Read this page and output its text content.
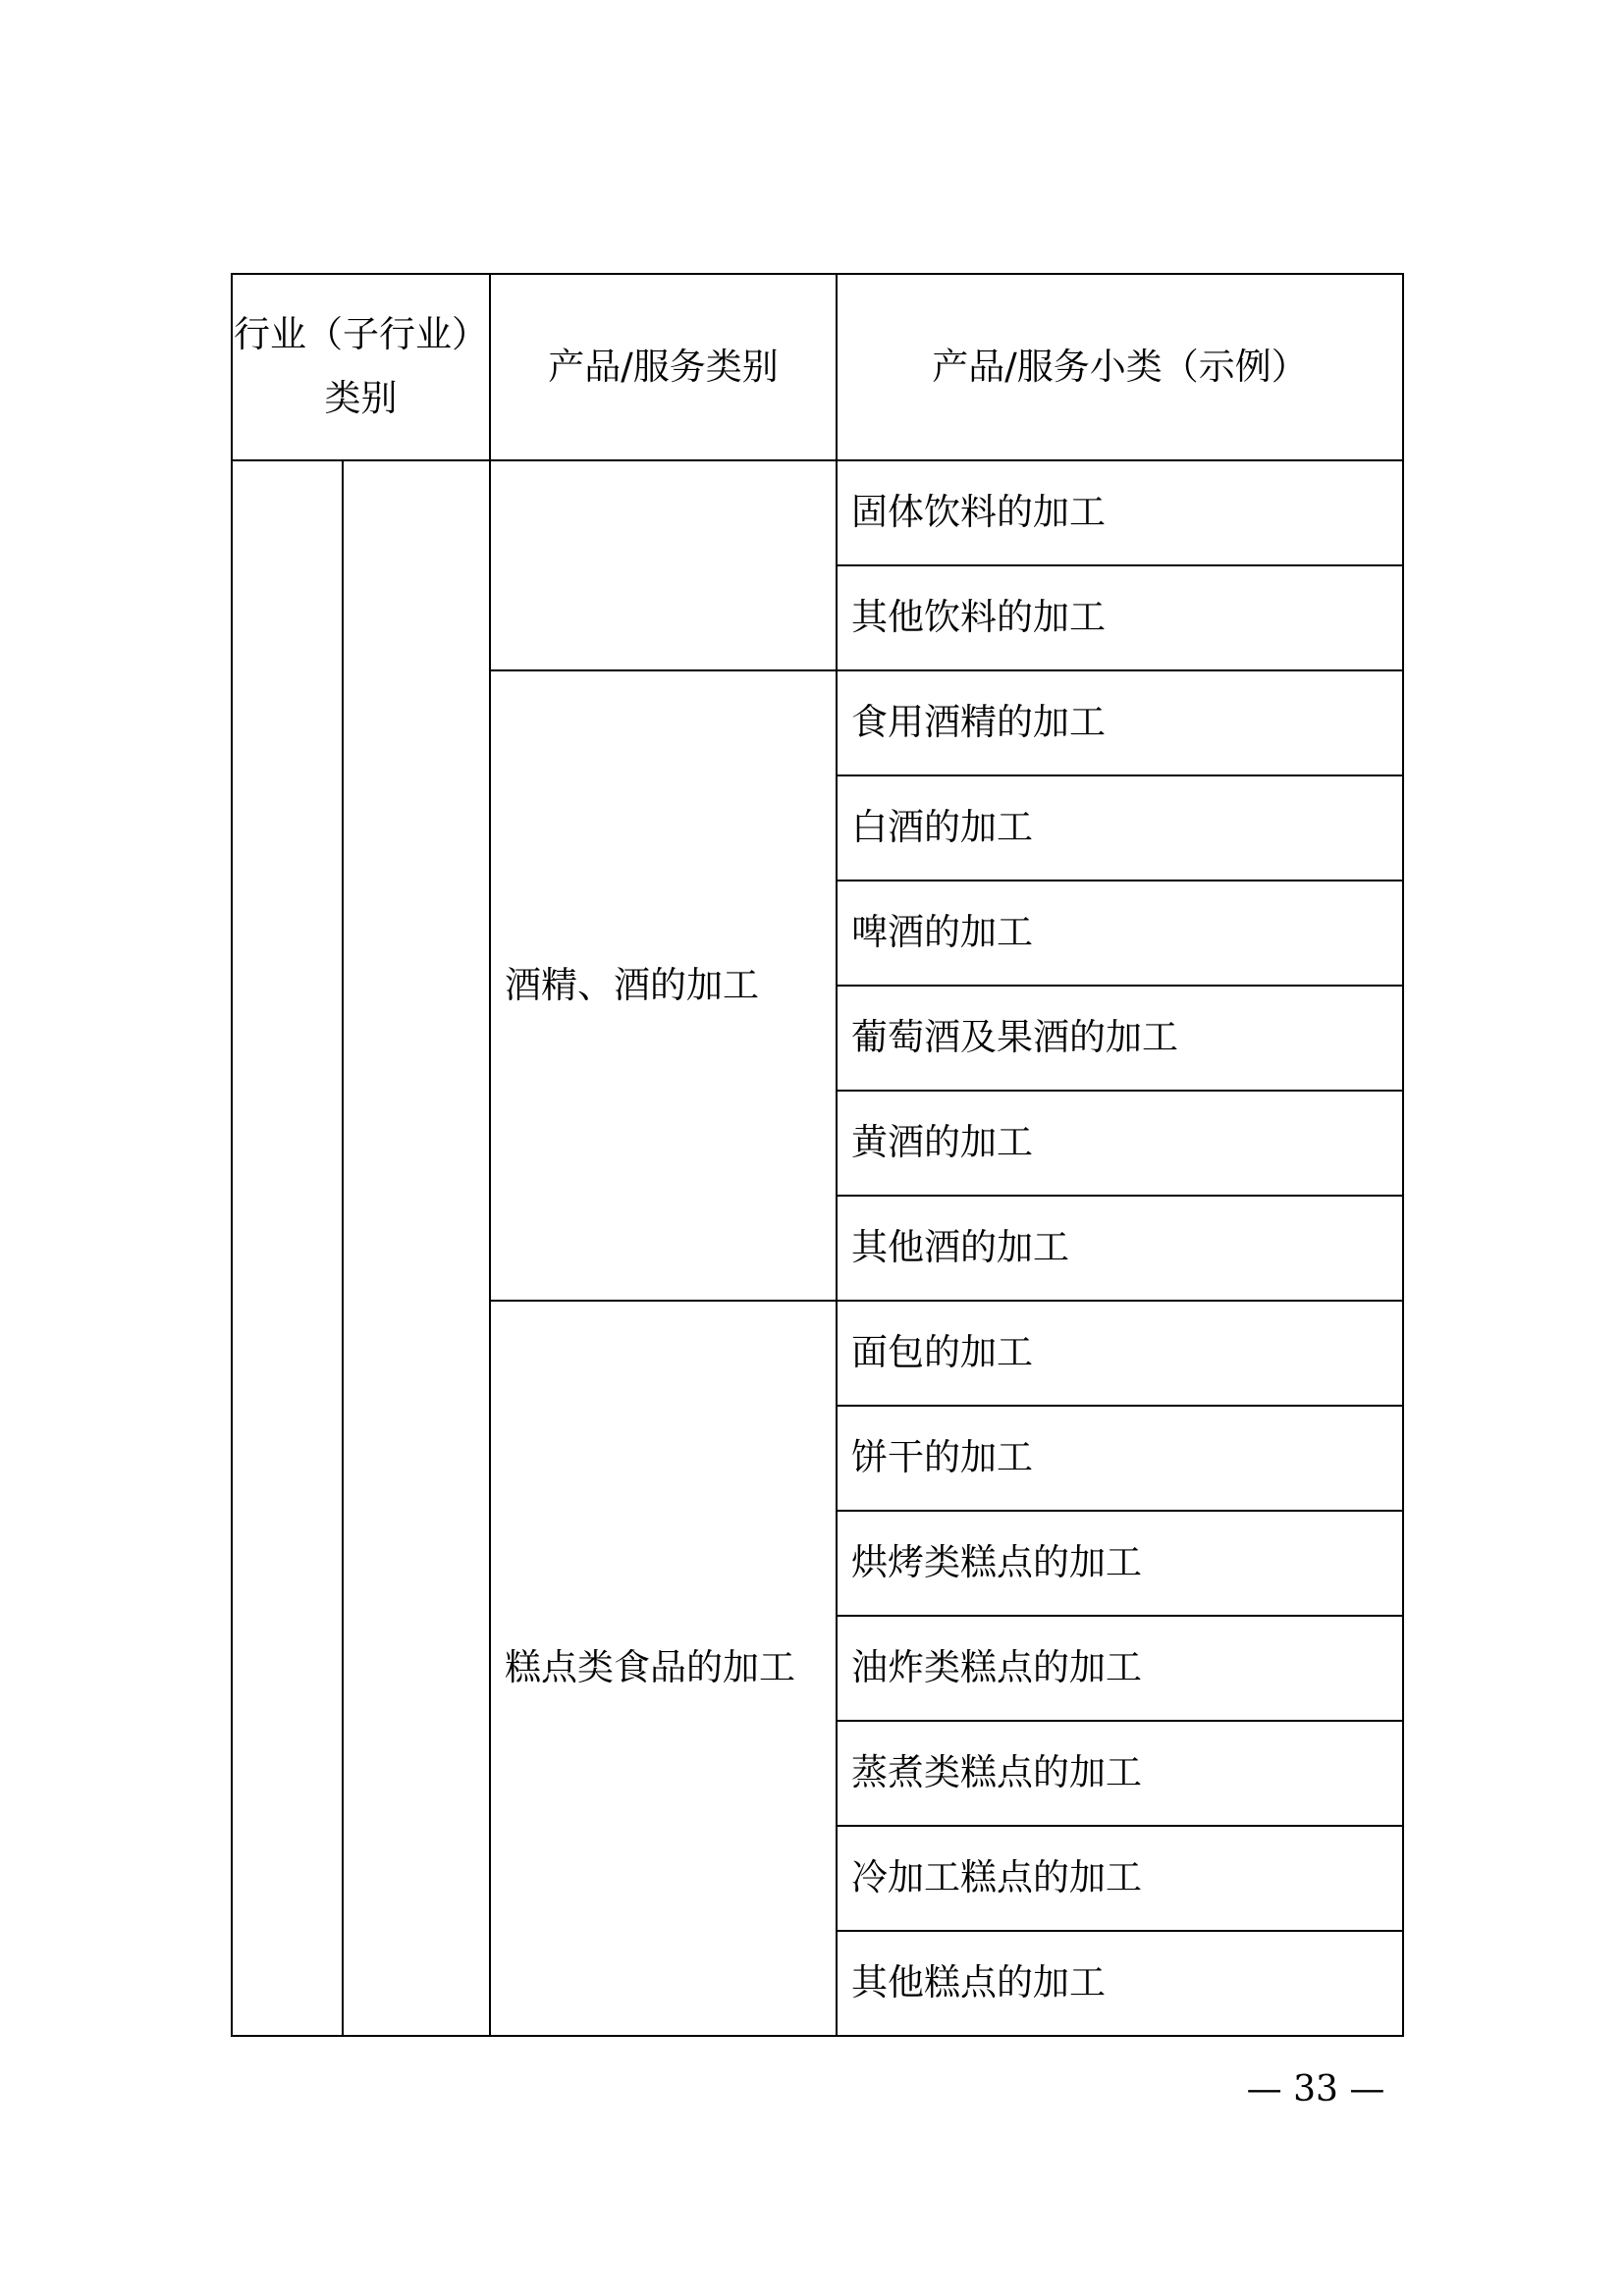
行业（子行业）
类别		产品/服务类别	产品/服务小类（示例）
			固体饮料的加工
			其他饮料的加工
		酒精、酒的加工	食用酒精的加工
			白酒的加工
			啤酒的加工
			葡萄酒及果酒的加工
			黄酒的加工
			其他酒的加工
		糕点类食品的加工	面包的加工
			饼干的加工
			烘烤类糕点的加工
			油炸类糕点的加工
			蒸煮类糕点的加工
			冷加工糕点的加工
			其他糕点的加工
— 33 —
